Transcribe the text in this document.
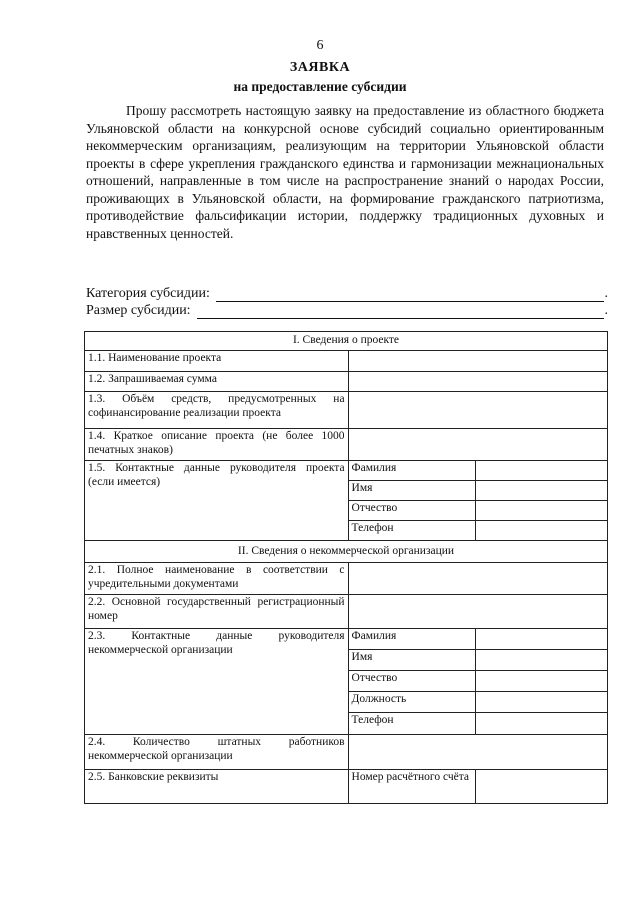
6
ЗАЯВКА
на предоставление субсидии

Прошу рассмотреть настоящую заявку на предоставление из областного бюджета Ульяновской области на конкурсной основе субсидий социально ориентированным некоммерческим организациям, реализующим на территории Ульяновской области проекты в сфере укрепления гражданского единства и гармонизации межнациональных отношений, направленные в том числе на распространение знаний о народах России, проживающих в Ульяновской области, на формирование гражданского патриотизма, противодействие фальсификации истории, поддержку традиционных духовных и нравственных ценностей.

Категория субсидии:	.
Размер субсидии:	.
I. Сведения о проекте		
1.1. Наименование проекта		
1.2. Запрашиваемая сумма		
1.3. Объём средств, предусмотренных на софинансирование реализации проекта		
1.4. Краткое описание проекта (не более 1000 печатных знаков)		
1.5. Контактные данные руководителя проекта (если имеется)	Фамилия	
	Имя	
	Отчество	
	Телефон	
II. Сведения о некоммерческой организации		
2.1. Полное наименование в соответствии с учредительными документами		
2.2. Основной государственный регистрационный номер		
2.3. Контактные данные руководителя некоммерческой организации	Фамилия	
	Имя	
	Отчество	
	Должность	
	Телефон	
2.4. Количество штатных работников некоммерческой организации		
2.5. Банковские реквизиты	Номер расчётного счёта	
